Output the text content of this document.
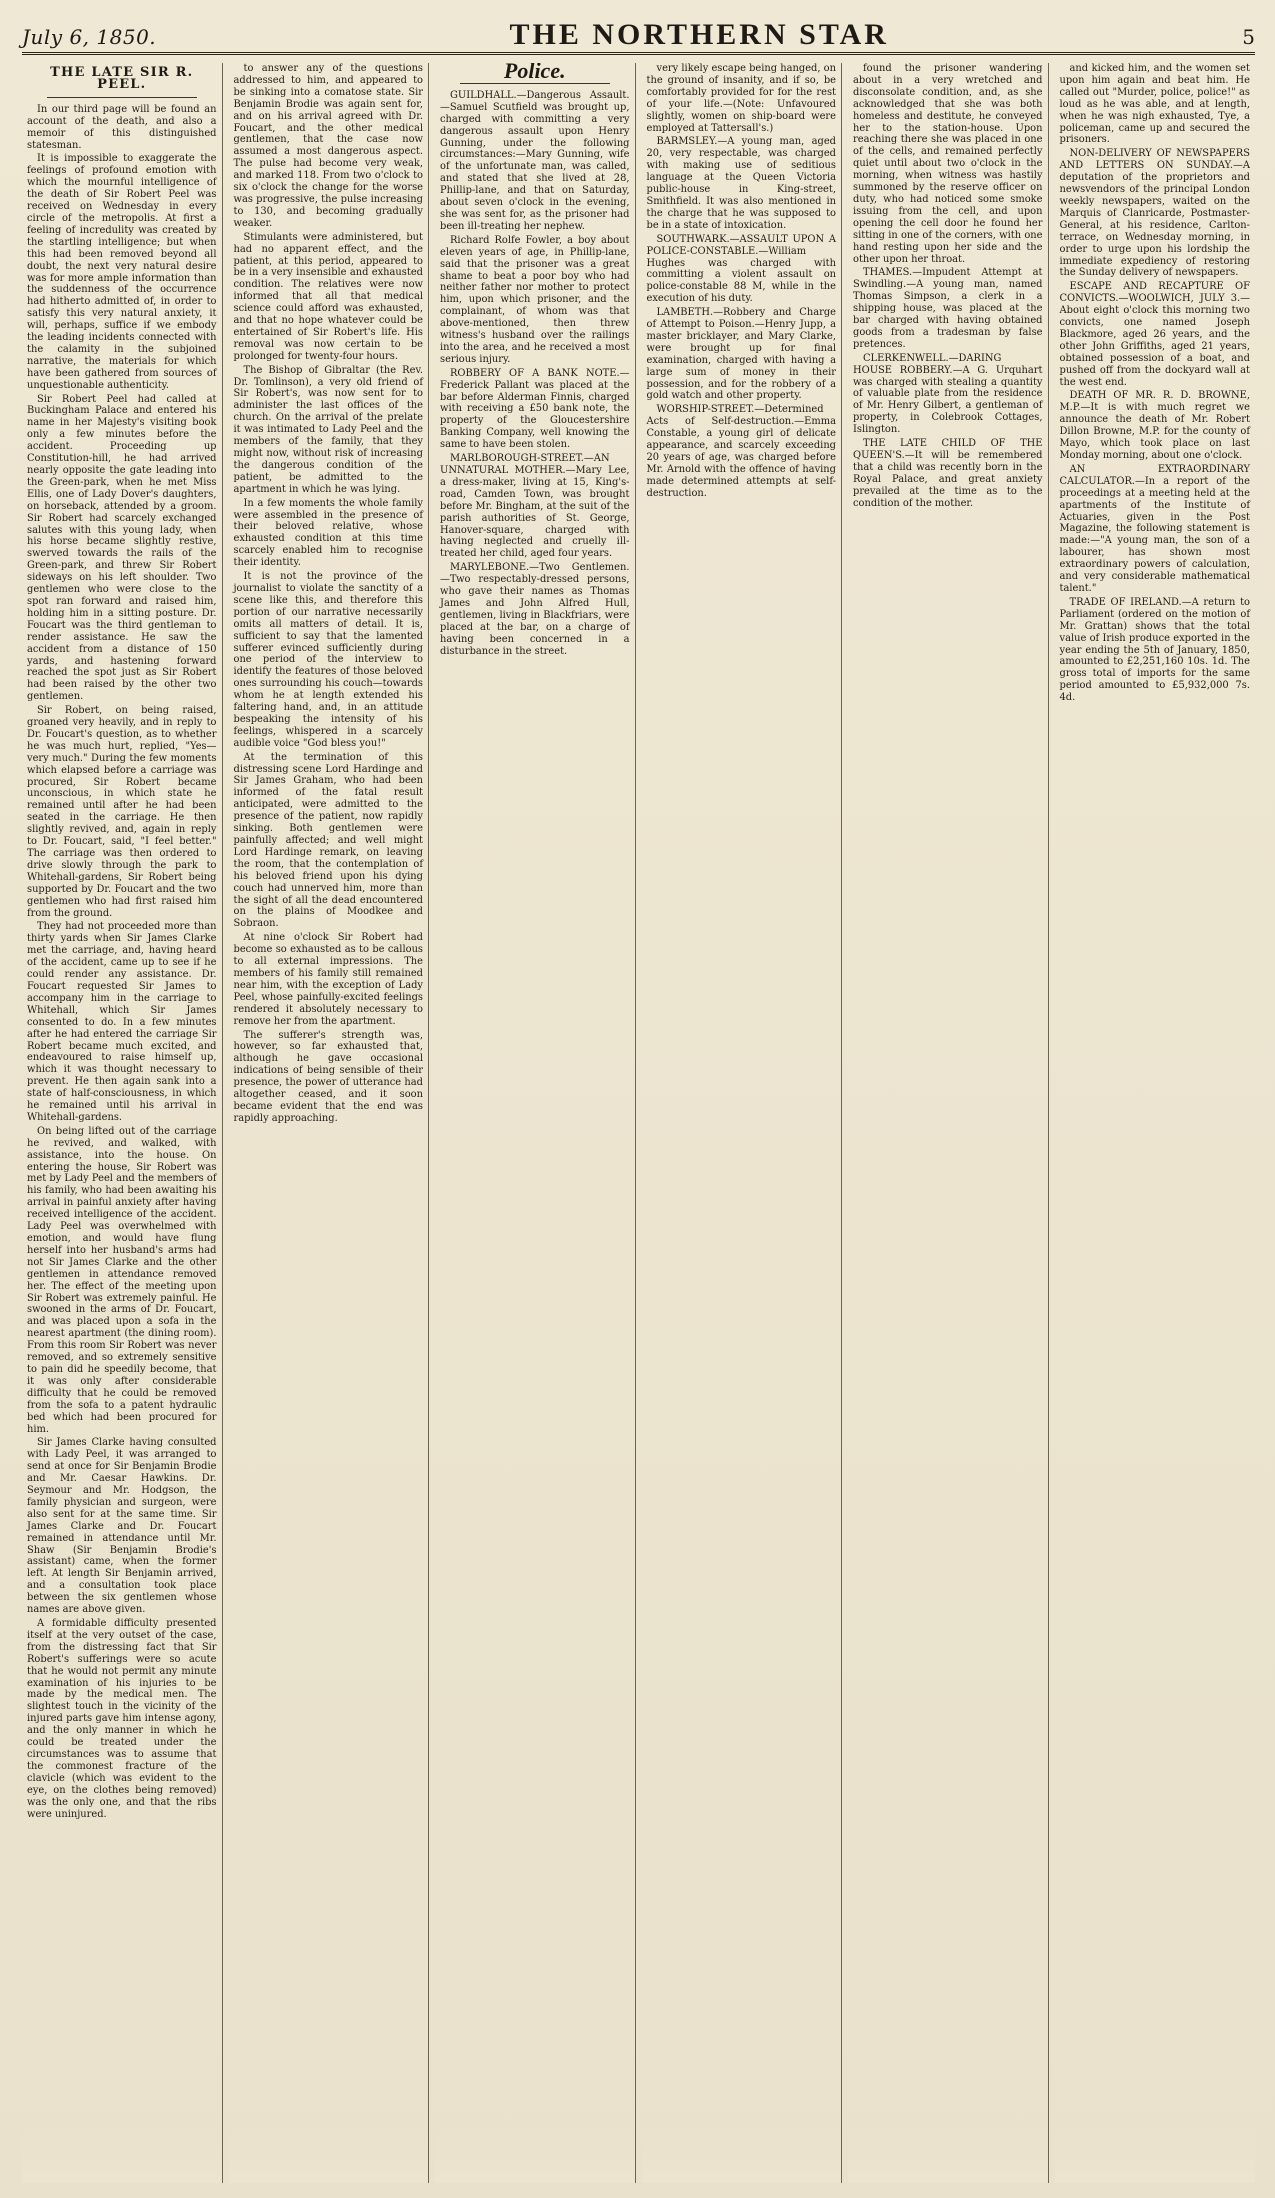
July 6, 1850.	THE NORTHERN STAR	5
THE LATE SIR R. PEEL.

In our third page will be found an account of the death, and also a memoir of this distinguished statesman.

It is impossible to exaggerate the feelings of profound emotion with which the mournful intelligence of the death of Sir Robert Peel was received on Wednesday in every circle of the metropolis. At first a feeling of incredulity was created by the startling intelligence; but when this had been removed beyond all doubt, the next very natural desire was for more ample information than the suddenness of the occurrence had hitherto admitted of, in order to satisfy this very natural anxiety, it will, perhaps, suffice if we embody the leading incidents connected with the calamity in the subjoined narrative, the materials for which have been gathered from sources of unquestionable authenticity.

Sir Robert Peel had called at Buckingham Palace and entered his name in her Majesty's visiting book only a few minutes before the accident. Proceeding up Constitution-hill, he had arrived nearly opposite the gate leading into the Green-park, when he met Miss Ellis, one of Lady Dover's daughters, on horseback, attended by a groom. Sir Robert had scarcely exchanged salutes with this young lady, when his horse became slightly restive, swerved towards the rails of the Green-park, and threw Sir Robert sideways on his left shoulder. Two gentlemen who were close to the spot ran forward and raised him, holding him in a sitting posture. Dr. Foucart was the third gentleman to render assistance. He saw the accident from a distance of 150 yards, and hastening forward reached the spot just as Sir Robert had been raised by the other two gentlemen.

Sir Robert, on being raised, groaned very heavily, and in reply to Dr. Foucart's question, as to whether he was much hurt, replied, "Yes—very much." During the few moments which elapsed before a carriage was procured, Sir Robert became unconscious, in which state he remained until after he had been seated in the carriage. He then slightly revived, and, again in reply to Dr. Foucart, said, "I feel better." The carriage was then ordered to drive slowly through the park to Whitehall-gardens, Sir Robert being supported by Dr. Foucart and the two gentlemen who had first raised him from the ground.

They had not proceeded more than thirty yards when Sir James Clarke met the carriage, and, having heard of the accident, came up to see if he could render any assistance. Dr. Foucart requested Sir James to accompany him in the carriage to Whitehall, which Sir James consented to do. In a few minutes after he had entered the carriage Sir Robert became much excited, and endeavoured to raise himself up, which it was thought necessary to prevent. He then again sank into a state of half-consciousness, in which he remained until his arrival in Whitehall-gardens.

On being lifted out of the carriage he revived, and walked, with assistance, into the house. On entering the house, Sir Robert was met by Lady Peel and the members of his family, who had been awaiting his arrival in painful anxiety after having received intelligence of the accident. Lady Peel was overwhelmed with emotion, and would have flung herself into her husband's arms had not Sir James Clarke and the other gentlemen in attendance removed her. The effect of the meeting upon Sir Robert was extremely painful. He swooned in the arms of Dr. Foucart, and was placed upon a sofa in the nearest apartment (the dining room). From this room Sir Robert was never removed, and so extremely sensitive to pain did he speedily become, that it was only after considerable difficulty that he could be removed from the sofa to a patent hydraulic bed which had been procured for him.

Sir James Clarke having consulted with Lady Peel, it was arranged to send at once for Sir Benjamin Brodie and Mr. Caesar Hawkins. Dr. Seymour and Mr. Hodgson, the family physician and surgeon, were also sent for at the same time. Sir James Clarke and Dr. Foucart remained in attendance until Mr. Shaw (Sir Benjamin Brodie's assistant) came, when the former left. At length Sir Benjamin arrived, and a consultation took place between the six gentlemen whose names are above given.

A formidable difficulty presented itself at the very outset of the case, from the distressing fact that Sir Robert's sufferings were so acute that he would not permit any minute examination of his injuries to be made by the medical men. The slightest touch in the vicinity of the injured parts gave him intense agony, and the only manner in which he could be treated under the circumstances was to assume that the commonest fracture of the clavicle (which was evident to the eye, on the clothes being removed) was the only one, and that the ribs were uninjured.

to answer any of the questions addressed to him, and appeared to be sinking into a comatose state. Sir Benjamin Brodie was again sent for, and on his arrival agreed with Dr. Foucart, and the other medical gentlemen, that the case now assumed a most dangerous aspect. The pulse had become very weak, and marked 118. From two o'clock to six o'clock the change for the worse was progressive, the pulse increasing to 130, and becoming gradually weaker.

Stimulants were administered, but had no apparent effect, and the patient, at this period, appeared to be in a very insensible and exhausted condition. The relatives were now informed that all that medical science could afford was exhausted, and that no hope whatever could be entertained of Sir Robert's life. His removal was now certain to be prolonged for twenty-four hours.

The Bishop of Gibraltar (the Rev. Dr. Tomlinson), a very old friend of Sir Robert's, was now sent for to administer the last offices of the church. On the arrival of the prelate it was intimated to Lady Peel and the members of the family, that they might now, without risk of increasing the dangerous condition of the patient, be admitted to the apartment in which he was lying.

In a few moments the whole family were assembled in the presence of their beloved relative, whose exhausted condition at this time scarcely enabled him to recognise their identity.

It is not the province of the journalist to violate the sanctity of a scene like this, and therefore this portion of our narrative necessarily omits all matters of detail. It is, sufficient to say that the lamented sufferer evinced sufficiently during one period of the interview to identify the features of those beloved ones surrounding his couch—towards whom he at length extended his faltering hand, and, in an attitude bespeaking the intensity of his feelings, whispered in a scarcely audible voice "God bless you!"

At the termination of this distressing scene Lord Hardinge and Sir James Graham, who had been informed of the fatal result anticipated, were admitted to the presence of the patient, now rapidly sinking. Both gentlemen were painfully affected; and well might Lord Hardinge remark, on leaving the room, that the contemplation of his beloved friend upon his dying couch had unnerved him, more than the sight of all the dead encountered on the plains of Moodkee and Sobraon.

At nine o'clock Sir Robert had become so exhausted as to be callous to all external impressions. The members of his family still remained near him, with the exception of Lady Peel, whose painfully-excited feelings rendered it absolutely necessary to remove her from the apartment.

The sufferer's strength was, however, so far exhausted that, although he gave occasional indications of being sensible of their presence, the power of utterance had altogether ceased, and it soon became evident that the end was rapidly approaching.

Police.

GUILDHALL.—Dangerous Assault.—Samuel Scutfield was brought up, charged with committing a very dangerous assault upon Henry Gunning, under the following circumstances:—Mary Gunning, wife of the unfortunate man, was called, and stated that she lived at 28, Phillip-lane, and that on Saturday, about seven o'clock in the evening, she was sent for, as the prisoner had been ill-treating her nephew.

Richard Rolfe Fowler, a boy about eleven years of age, in Phillip-lane, said that the prisoner was a great shame to beat a poor boy who had neither father nor mother to protect him, upon which prisoner, and the complainant, of whom was that above-mentioned, then threw witness's husband over the railings into the area, and he received a most serious injury.

ROBBERY OF A BANK NOTE.—Frederick Pallant was placed at the bar before Alderman Finnis, charged with receiving a £50 bank note, the property of the Gloucestershire Banking Company, well knowing the same to have been stolen.

MARLBOROUGH-STREET.—AN UNNATURAL MOTHER.—Mary Lee, a dress-maker, living at 15, King's-road, Camden Town, was brought before Mr. Bingham, at the suit of the parish authorities of St. George, Hanover-square, charged with having neglected and cruelly ill-treated her child, aged four years.

MARYLEBONE.—Two Gentlemen.—Two respectably-dressed persons, who gave their names as Thomas James and John Alfred Hull, gentlemen, living in Blackfriars, were placed at the bar, on a charge of having been concerned in a disturbance in the street.

very likely escape being hanged, on the ground of insanity, and if so, be comfortably provided for for the rest of your life.—(Note: Unfavoured slightly, women on ship-board were employed at Tattersall's.)

BARMSLEY.—A young man, aged 20, very respectable, was charged with making use of seditious language at the Queen Victoria public-house in King-street, Smithfield. It was also mentioned in the charge that he was supposed to be in a state of intoxication.

SOUTHWARK.—ASSAULT UPON A POLICE-CONSTABLE.—William Hughes was charged with committing a violent assault on police-constable 88 M, while in the execution of his duty.

LAMBETH.—Robbery and Charge of Attempt to Poison.—Henry Jupp, a master bricklayer, and Mary Clarke, were brought up for final examination, charged with having a large sum of money in their possession, and for the robbery of a gold watch and other property.

WORSHIP-STREET.—Determined Acts of Self-destruction.—Emma Constable, a young girl of delicate appearance, and scarcely exceeding 20 years of age, was charged before Mr. Arnold with the offence of having made determined attempts at self-destruction.

found the prisoner wandering about in a very wretched and disconsolate condition, and, as she acknowledged that she was both homeless and destitute, he conveyed her to the station-house. Upon reaching there she was placed in one of the cells, and remained perfectly quiet until about two o'clock in the morning, when witness was hastily summoned by the reserve officer on duty, who had noticed some smoke issuing from the cell, and upon opening the cell door he found her sitting in one of the corners, with one hand resting upon her side and the other upon her throat.

THAMES.—Impudent Attempt at Swindling.—A young man, named Thomas Simpson, a clerk in a shipping house, was placed at the bar charged with having obtained goods from a tradesman by false pretences.

CLERKENWELL.—DARING HOUSE ROBBERY.—A G. Urquhart was charged with stealing a quantity of valuable plate from the residence of Mr. Henry Gilbert, a gentleman of property, in Colebrook Cottages, Islington.

THE LATE CHILD OF THE QUEEN'S.—It will be remembered that a child was recently born in the Royal Palace, and great anxiety prevailed at the time as to the condition of the mother.

and kicked him, and the women set upon him again and beat him. He called out "Murder, police, police!" as loud as he was able, and at length, when he was nigh exhausted, Tye, a policeman, came up and secured the prisoners.

NON-DELIVERY OF NEWSPAPERS AND LETTERS ON SUNDAY.—A deputation of the proprietors and newsvendors of the principal London weekly newspapers, waited on the Marquis of Clanricarde, Postmaster-General, at his residence, Carlton-terrace, on Wednesday morning, in order to urge upon his lordship the immediate expediency of restoring the Sunday delivery of newspapers.

ESCAPE AND RECAPTURE OF CONVICTS.—WOOLWICH, JULY 3.—About eight o'clock this morning two convicts, one named Joseph Blackmore, aged 26 years, and the other John Griffiths, aged 21 years, obtained possession of a boat, and pushed off from the dockyard wall at the west end.

DEATH OF MR. R. D. BROWNE, M.P.—It is with much regret we announce the death of Mr. Robert Dillon Browne, M.P. for the county of Mayo, which took place on last Monday morning, about one o'clock.

AN EXTRAORDINARY CALCULATOR.—In a report of the proceedings at a meeting held at the apartments of the Institute of Actuaries, given in the Post Magazine, the following statement is made:—"A young man, the son of a labourer, has shown most extraordinary powers of calculation, and very considerable mathematical talent."

TRADE OF IRELAND.—A return to Parliament (ordered on the motion of Mr. Grattan) shows that the total value of Irish produce exported in the year ending the 5th of January, 1850, amounted to £2,251,160 10s. 1d. The gross total of imports for the same period amounted to £5,932,000 7s. 4d.
